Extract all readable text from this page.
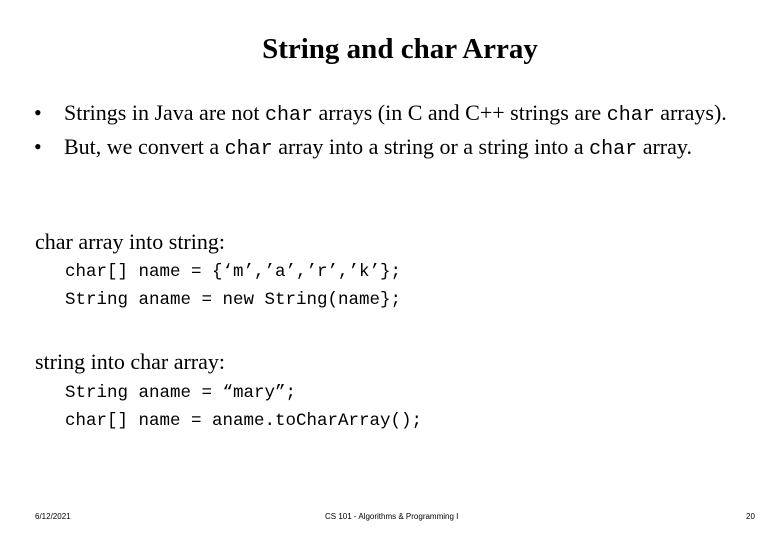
String and char Array
• Strings in Java are not char arrays (in C and C++ strings are char arrays).
• But, we convert a char array into a string or a string into a char array.
char array into string:
char[] name = {‘m’,’a’,’r’,’k’};
String aname = new String(name};
string into char array:
String aname = “mary”;
char[] name = aname.toCharArray();
6/12/2021	CS 101 - Algorithms & Programming I	20
